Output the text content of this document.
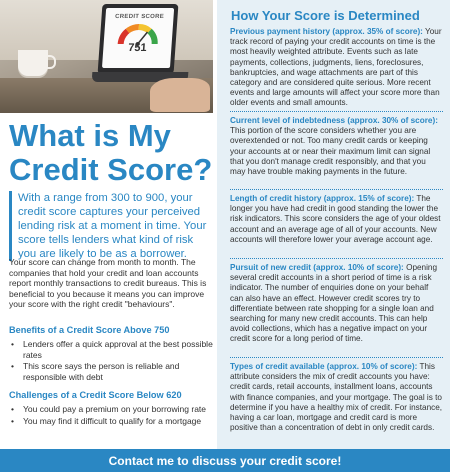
CREDIT SCORE
751
What is My
Credit Score?
With a range from 300 to 900, your credit score captures your perceived lending risk at a moment in time. Your score tells lenders what kind of risk you are likely to be as a borrower.
Your score can change from month to month. The companies that hold your credit and loan accounts report monthly transactions to credit bureaus. This is beneficial to you because it means you can improve your score with the right credit "behaviours".
Benefits of a Credit Score Above 750
• Lenders offer a quick approval at the best possible rates
• This score says the person is reliable and responsible with debt
Challenges of a Credit Score Below 620
• You could pay a premium on your borrowing rate
• You may find it difficult to qualify for a mortgage
How Your Score is Determined
Previous payment history (approx. 35% of score): Your track record of paying your credit accounts on time is the most heavily weighted attribute. Events such as late payments, collections, judgments, liens, foreclosures, bankruptcies, and wage attachments are part of this category and are considered quite serious. More recent events and large amounts will affect your score more than older events and small amounts.
Current level of indebtedness (approx. 30% of score): This portion of the score considers whether you are overextended or not. Too many credit cards or keeping your accounts at or near their maximum limit can signal that you don't manage credit responsibly, and that you may have trouble making payments in the future.
Length of credit history (approx. 15% of score): The longer you have had credit in good standing the lower the risk indicators. This score considers the age of your oldest account and an average age of all of your accounts. New accounts will therefore lower your average account age.
Pursuit of new credit (approx. 10% of score): Opening several credit accounts in a short period of time is a risk indicator. The number of enquiries done on your behalf can also have an effect. However credit scores try to differentiate between rate shopping for a single loan and searching for many new credit accounts. This can help avoid collections, which has a negative impact on your credit score for a long period of time.
Types of credit available (approx. 10% of score): This attribute considers the mix of credit accounts you have: credit cards, retail accounts, installment loans, accounts with finance companies, and your mortgage. The goal is to determine if you have a healthy mix of credit. For instance, having a car loan, mortgage and credit card is more positive than a concentration of debt in only credit cards.
Contact me to discuss your credit score!
